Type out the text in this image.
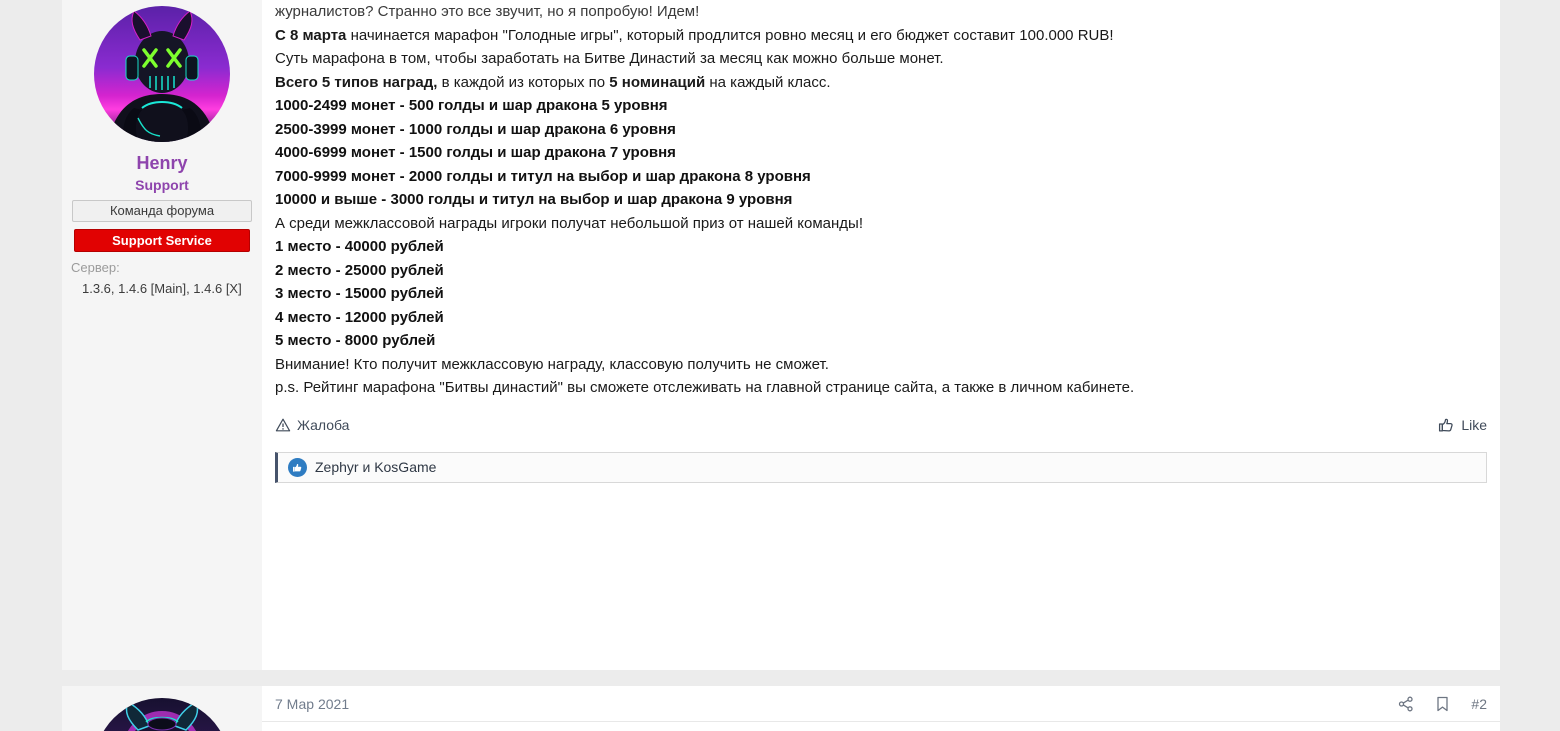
Henry
Support
Команда форума
Support Service
Сервер:
1.3.6, 1.4.6 [Main], 1.4.6 [X]

журналистов? Странно это все звучит, но я попробую! Идем!

С 8 марта начинается марафон "Голодные игры", который продлится ровно месяц и его бюджет составит 100.000 RUB!
Суть марафона в том, чтобы заработать на Битве Династий за месяц как можно больше монет.

Всего 5 типов наград, в каждой из которых по 5 номинаций на каждый класс.

1000-2499 монет - 500 голды и шар дракона 5 уровня
2500-3999 монет - 1000 голды и шар дракона 6 уровня
4000-6999 монет - 1500 голды и шар дракона 7 уровня
7000-9999 монет - 2000 голды и титул на выбор и шар дракона 8 уровня
10000 и выше - 3000 голды и титул на выбор и шар дракона 9 уровня

А среди межклассовой награды игроки получат небольшой приз от нашей команды!

1 место - 40000 рублей
2 место - 25000 рублей
3 место - 15000 рублей
4 место - 12000 рублей
5 место - 8000 рублей

Внимание! Кто получит межклассовую награду, классовую получить не сможет.

p.s. Рейтинг марафона "Битвы династий" вы сможете отслеживать на главной странице сайта, а также в личном кабинете.

Жалоба	Like
Zephyr и KosGame
7 Мар 2021	#2
